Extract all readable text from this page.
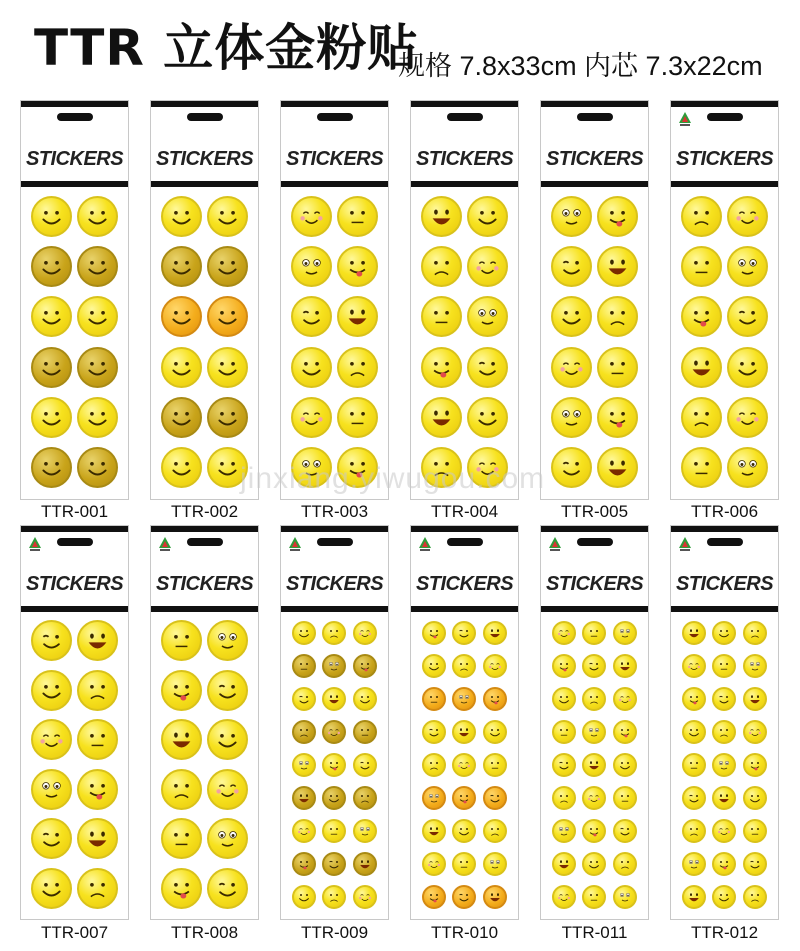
TTR 立体金粉贴
规格 7.8x33cm 内芯 7.3x22cm
STICKERS
TTR-001
STICKERS
TTR-002
STICKERS
TTR-003
STICKERS
TTR-004
STICKERS
TTR-005
STICKERS
TTR-006
STICKERS
TTR-007
STICKERS
TTR-008
STICKERS
TTR-009
STICKERS
TTR-010
STICKERS
TTR-011
STICKERS
TTR-012
jinxiang.yiwugou.com
